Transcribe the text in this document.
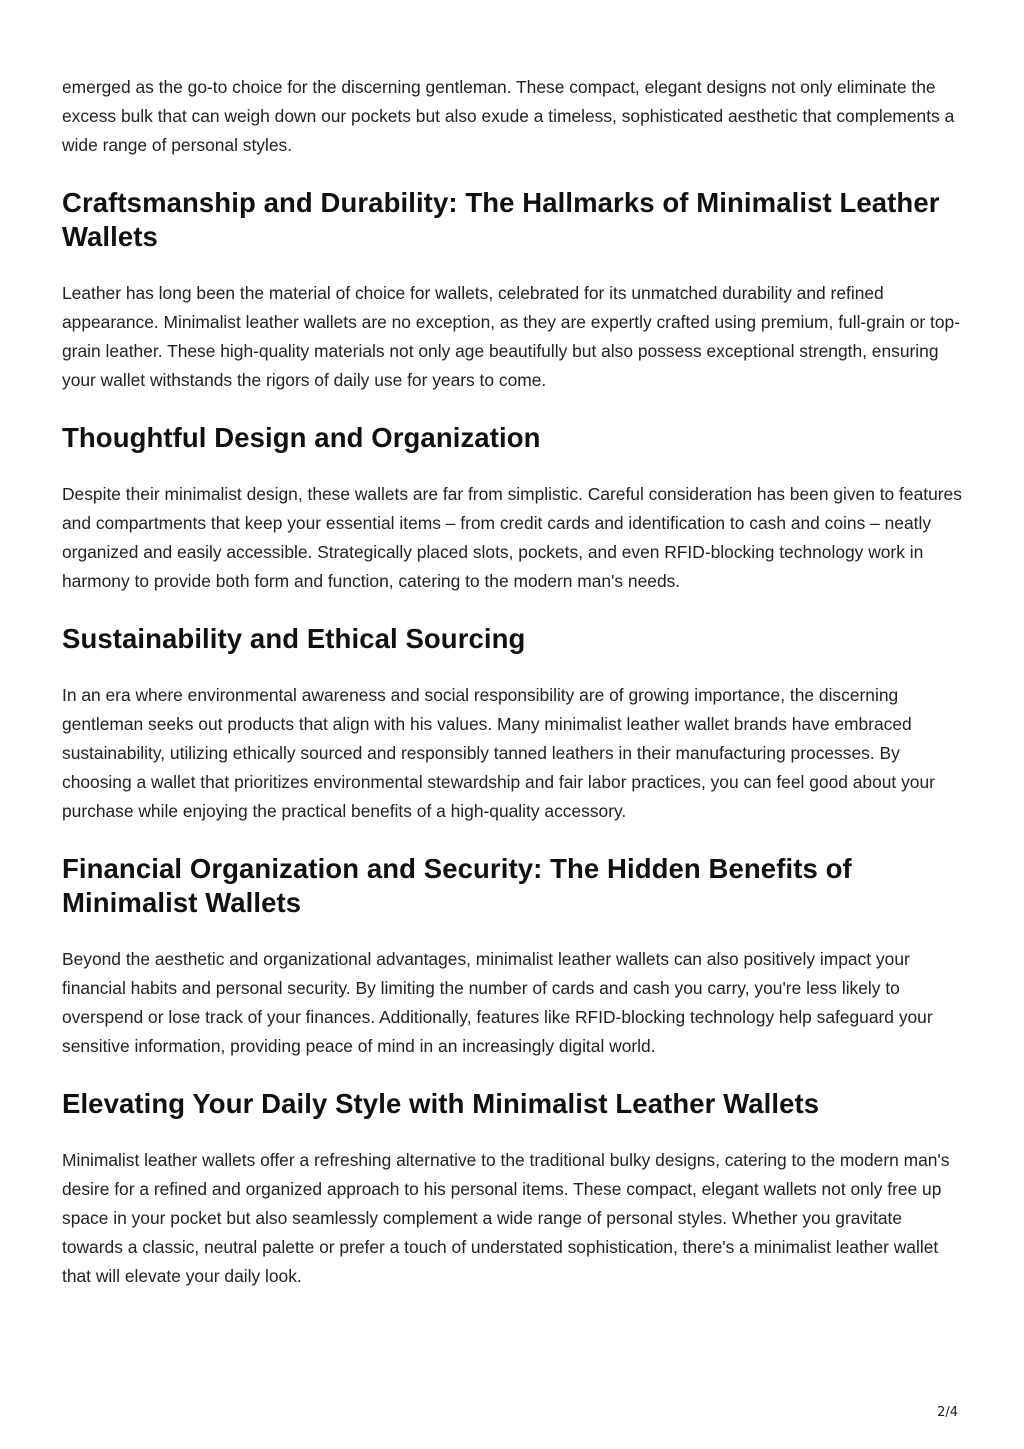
emerged as the go-to choice for the discerning gentleman. These compact, elegant designs not only eliminate the excess bulk that can weigh down our pockets but also exude a timeless, sophisticated aesthetic that complements a wide range of personal styles.

Craftsmanship and Durability: The Hallmarks of Minimalist Leather Wallets

Leather has long been the material of choice for wallets, celebrated for its unmatched durability and refined appearance. Minimalist leather wallets are no exception, as they are expertly crafted using premium, full-grain or top-grain leather. These high-quality materials not only age beautifully but also possess exceptional strength, ensuring your wallet withstands the rigors of daily use for years to come.

Thoughtful Design and Organization

Despite their minimalist design, these wallets are far from simplistic. Careful consideration has been given to features and compartments that keep your essential items – from credit cards and identification to cash and coins – neatly organized and easily accessible. Strategically placed slots, pockets, and even RFID-blocking technology work in harmony to provide both form and function, catering to the modern man's needs.

Sustainability and Ethical Sourcing

In an era where environmental awareness and social responsibility are of growing importance, the discerning gentleman seeks out products that align with his values. Many minimalist leather wallet brands have embraced sustainability, utilizing ethically sourced and responsibly tanned leathers in their manufacturing processes. By choosing a wallet that prioritizes environmental stewardship and fair labor practices, you can feel good about your purchase while enjoying the practical benefits of a high-quality accessory.

Financial Organization and Security: The Hidden Benefits of Minimalist Wallets

Beyond the aesthetic and organizational advantages, minimalist leather wallets can also positively impact your financial habits and personal security. By limiting the number of cards and cash you carry, you're less likely to overspend or lose track of your finances. Additionally, features like RFID-blocking technology help safeguard your sensitive information, providing peace of mind in an increasingly digital world.

Elevating Your Daily Style with Minimalist Leather Wallets

Minimalist leather wallets offer a refreshing alternative to the traditional bulky designs, catering to the modern man's desire for a refined and organized approach to his personal items. These compact, elegant wallets not only free up space in your pocket but also seamlessly complement a wide range of personal styles. Whether you gravitate towards a classic, neutral palette or prefer a touch of understated sophistication, there's a minimalist leather wallet that will elevate your daily look.

2/4
